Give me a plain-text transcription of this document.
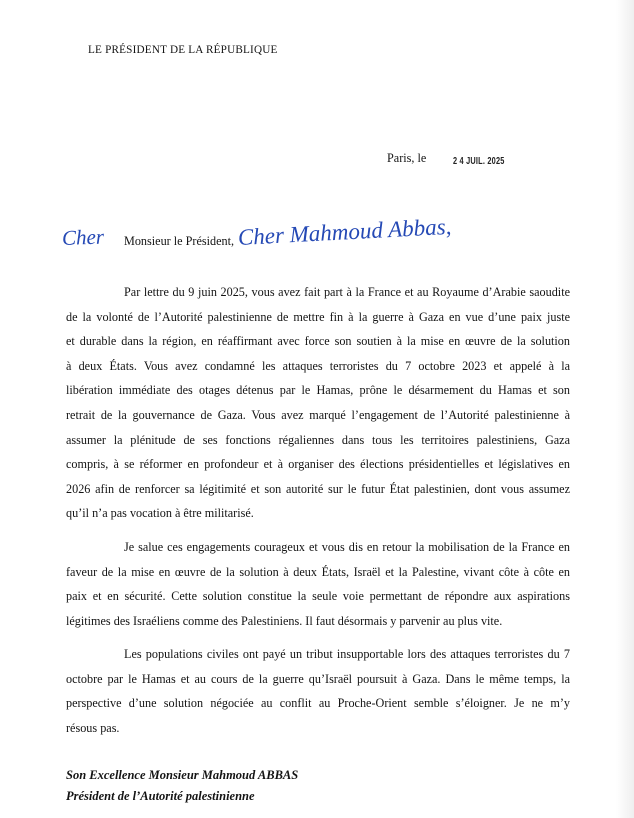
LE PRÉSIDENT DE LA RÉPUBLIQUE
Paris, le	2 4 JUIL. 2025
Cher Monsieur le Président, Cher Mahmoud Abbas,
Par lettre du 9 juin 2025, vous avez fait part à la France et au Royaume d’Arabie saoudite
de la volonté de l’Autorité palestinienne de mettre fin à la guerre à Gaza en vue d’une paix juste
et durable dans la région, en réaffirmant avec force son soutien à la mise en œuvre de la solution
à deux États. Vous avez condamné les attaques terroristes du 7 octobre 2023 et appelé à la
libération immédiate des otages détenus par le Hamas, prône le désarmement du Hamas et son
retrait de la gouvernance de Gaza. Vous avez marqué l’engagement de l’Autorité palestinienne à
assumer la plénitude de ses fonctions régaliennes dans tous les territoires palestiniens, Gaza
compris, à se réformer en profondeur et à organiser des élections présidentielles et législatives en
2026 afin de renforcer sa légitimité et son autorité sur le futur État palestinien, dont vous assumez
qu’il n’a pas vocation à être militarisé.
Je salue ces engagements courageux et vous dis en retour la mobilisation de la France en
faveur de la mise en œuvre de la solution à deux États, Israël et la Palestine, vivant côte à côte en
paix et en sécurité. Cette solution constitue la seule voie permettant de répondre aux aspirations
légitimes des Israéliens comme des Palestiniens. Il faut désormais y parvenir au plus vite.
Les populations civiles ont payé un tribut insupportable lors des attaques terroristes du 7
octobre par le Hamas et au cours de la guerre qu’Israël poursuit à Gaza. Dans le même temps, la
perspective d’une solution négociée au conflit au Proche-Orient semble s’éloigner. Je ne m’y
résous pas.
Son Excellence Monsieur Mahmoud ABBAS
Président de l’Autorité palestinienne
